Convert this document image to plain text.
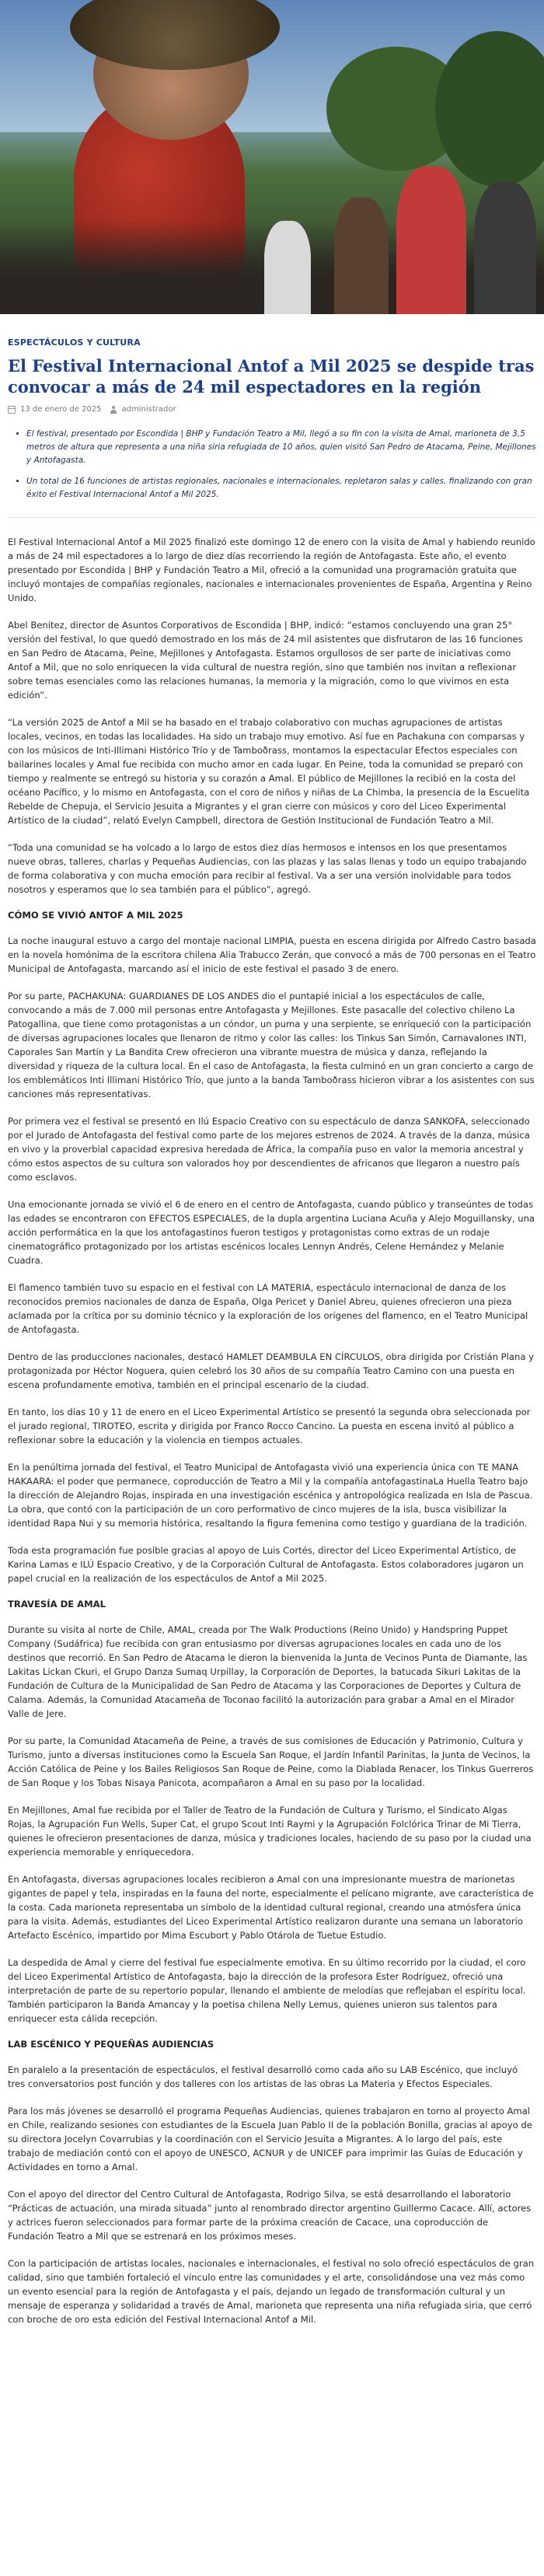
ESPECTÁCULOS Y CULTURA
El Festival Internacional Antof a Mil 2025 se despide tras convocar a más de 24 mil espectadores en la región
13 de enero de 2025	administrador
• El festival, presentado por Escondida | BHP y Fundación Teatro a Mil, llegó a su fin con la visita de Amal, marioneta de 3,5 metros de altura que representa a una niña siria refugiada de 10 años, quien visitó San Pedro de Atacama, Peine, Mejillones y Antofagasta.
• Un total de 16 funciones de artistas regionales, nacionales e internacionales, repletaron salas y calles, finalizando con gran éxito el Festival Internacional Antof a Mil 2025.

El Festival Internacional Antof a Mil 2025 finalizó este domingo 12 de enero con la visita de Amal y habiendo reunido a más de 24 mil espectadores a lo largo de diez días recorriendo la región de Antofagasta. Este año, el evento presentado por Escondida | BHP y Fundación Teatro a Mil, ofreció a la comunidad una programación gratuita que incluyó montajes de compañías regionales, nacionales e internacionales provenientes de España, Argentina y Reino Unido.

Abel Benítez, director de Asuntos Corporativos de Escondida | BHP, indicó: “estamos concluyendo una gran 25° versión del festival, lo que quedó demostrado en los más de 24 mil asistentes que disfrutaron de las 16 funciones en San Pedro de Atacama, Peine, Mejillones y Antofagasta. Estamos orgullosos de ser parte de iniciativas como Antof a Mil, que no solo enriquecen la vida cultural de nuestra región, sino que también nos invitan a reflexionar sobre temas esenciales como las relaciones humanas, la memoria y la migración, como lo que vivimos en esta edición”.

“La versión 2025 de Antof a Mil se ha basado en el trabajo colaborativo con muchas agrupaciones de artistas locales, vecinos, en todas las localidades. Ha sido un trabajo muy emotivo. Así fue en Pachakuna con comparsas y con los músicos de Inti-Illimani Histórico Trío y de Tamboðrass, montamos la espectacular Efectos especiales con bailarines locales y Amal fue recibida con mucho amor en cada lugar. En Peine, toda la comunidad se preparó con tiempo y realmente se entregó su historia y su corazón a Amal. El público de Mejillones la recibió en la costa del océano Pacífico, y lo mismo en Antofagasta, con el coro de niños y niñas de La Chimba, la presencia de la Escuelita Rebelde de Chepuja, el Servicio Jesuita a Migrantes y el gran cierre con músicos y coro del Liceo Experimental Artístico de la ciudad”, relató Evelyn Campbell, directora de Gestión Institucional de Fundación Teatro a Mil.

“Toda una comunidad se ha volcado a lo largo de estos diez días hermosos e intensos en los que presentamos nueve obras, talleres, charlas y Pequeñas Audiencias, con las plazas y las salas llenas y todo un equipo trabajando de forma colaborativa y con mucha emoción para recibir al festival. Va a ser una versión inolvidable para todos nosotros y esperamos que lo sea también para el público”, agregó.

CÓMO SE VIVIÓ ANTOF A MIL 2025

La noche inaugural estuvo a cargo del montaje nacional LIMPIA, puesta en escena dirigida por Alfredo Castro basada en la novela homónima de la escritora chilena Alia Trabucco Zerán, que convocó a más de 700 personas en el Teatro Municipal de Antofagasta, marcando así el inicio de este festival el pasado 3 de enero.

Por su parte, PACHAKUNA: GUARDIANES DE LOS ANDES dio el puntapié inicial a los espectáculos de calle, convocando a más de 7.000 mil personas entre Antofagasta y Mejillones. Este pasacalle del colectivo chileno La Patogallina, que tiene como protagonistas a un cóndor, un puma y una serpiente, se enriqueció con la participación de diversas agrupaciones locales que llenaron de ritmo y color las calles: los Tinkus San Simón, Carnavalones INTI, Caporales San Martín y La Bandita Crew ofrecieron una vibrante muestra de música y danza, reflejando la diversidad y riqueza de la cultura local. En el caso de Antofagasta, la fiesta culminó en un gran concierto a cargo de los emblemáticos Inti Illimani Histórico Trío, que junto a la banda Tamboðrass hicieron vibrar a los asistentes con sus canciones más representativas.

Por primera vez el festival se presentó en Ilú Espacio Creativo con su espectáculo de danza SANKOFA, seleccionado por el Jurado de Antofagasta del festival como parte de los mejores estrenos de 2024. A través de la danza, música en vivo y la proverbial capacidad expresiva heredada de África, la compañía puso en valor la memoria ancestral y cómo estos aspectos de su cultura son valorados hoy por descendientes de africanos que llegaron a nuestro país como esclavos.

Una emocionante jornada se vivió el 6 de enero en el centro de Antofagasta, cuando público y transeúntes de todas las edades se encontraron con EFECTOS ESPECIALES, de la dupla argentina Luciana Acuña y Alejo Moguillansky, una acción performática en la que los antofagastinos fueron testigos y protagonistas como extras de un rodaje cinematográfico protagonizado por los artistas escénicos locales Lennyn Andrés, Celene Hernández y Melanie Cuadra.

El flamenco también tuvo su espacio en el festival con LA MATERIA, espectáculo internacional de danza de los reconocidos premios nacionales de danza de España, Olga Pericet y Daniel Abreu, quienes ofrecieron una pieza aclamada por la crítica por su dominio técnico y la exploración de los orígenes del flamenco, en el Teatro Municipal de Antofagasta.

Dentro de las producciones nacionales, destacó HAMLET DEAMBULA EN CÍRCULOS, obra dirigida por Cristián Plana y protagonizada por Héctor Noguera, quien celebró los 30 años de su compañía Teatro Camino con una puesta en escena profundamente emotiva, también en el principal escenario de la ciudad.

En tanto, los días 10 y 11 de enero en el Liceo Experimental Artístico se presentó la segunda obra seleccionada por el jurado regional, TIROTEO, escrita y dirigida por Franco Rocco Cancino. La puesta en escena invitó al público a reflexionar sobre la educación y la violencia en tiempos actuales.

En la penúltima jornada del festival, el Teatro Municipal de Antofagasta vivió una experiencia única con TE MANA HAKAARA: el poder que permanece, coproducción de Teatro a Mil y la compañía antofagastinaLa Huella Teatro bajo la dirección de Alejandro Rojas, inspirada en una investigación escénica y antropológica realizada en Isla de Pascua. La obra, que contó con la participación de un coro performativo de cinco mujeres de la isla, busca visibilizar la identidad Rapa Nui y su memoria histórica, resaltando la figura femenina como testigo y guardiana de la tradición.

Toda esta programación fue posible gracias al apoyo de Luis Cortés, director del Liceo Experimental Artístico, de Karina Lamas e ILÚ Espacio Creativo, y de la Corporación Cultural de Antofagasta. Estos colaboradores jugaron un papel crucial en la realización de los espectáculos de Antof a Mil 2025.

TRAVESÍA DE AMAL

Durante su visita al norte de Chile, AMAL, creada por The Walk Productions (Reino Unido) y Handspring Puppet Company (Sudáfrica) fue recibida con gran entusiasmo por diversas agrupaciones locales en cada uno de los destinos que recorrió. En San Pedro de Atacama le dieron la bienvenida la Junta de Vecinos Punta de Diamante, las Lakitas Lickan Ckuri, el Grupo Danza Sumaq Urpillay, la Corporación de Deportes, la batucada Sikuri Lakitas de la Fundación de Cultura de la Municipalidad de San Pedro de Atacama y las Corporaciones de Deportes y Cultura de Calama. Además, la Comunidad Atacameña de Toconao facilitó la autorización para grabar a Amal en el Mirador Valle de Jere.

Por su parte, la Comunidad Atacameña de Peine, a través de sus comisiones de Educación y Patrimonio, Cultura y Turismo, junto a diversas instituciones como la Escuela San Roque, el Jardín Infantil Parinitas, la Junta de Vecinos, la Acción Católica de Peine y los Bailes Religiosos San Roque de Peine, como la Diablada Renacer, los Tinkus Guerreros de San Roque y los Tobas Nisaya Panicota, acompañaron a Amal en su paso por la localidad.

En Mejillones, Amal fue recibida por el Taller de Teatro de la Fundación de Cultura y Turismo, el Sindicato Algas Rojas, la Agrupación Fun Wells, Super Cat, el grupo Scout Inti Raymi y la Agrupación Folclórica Trinar de Mi Tierra, quienes le ofrecieron presentaciones de danza, música y tradiciones locales, haciendo de su paso por la ciudad una experiencia memorable y enriquecedora.

En Antofagasta, diversas agrupaciones locales recibieron a Amal con una impresionante muestra de marionetas gigantes de papel y tela, inspiradas en la fauna del norte, especialmente el pelícano migrante, ave característica de la costa. Cada marioneta representaba un símbolo de la identidad cultural regional, creando una atmósfera única para la visita. Además, estudiantes del Liceo Experimental Artístico realizaron durante una semana un laboratorio Artefacto Escénico, impartido por Mima Escubort y Pablo Otárola de Tuetue Estudio.

La despedida de Amal y cierre del festival fue especialmente emotiva. En su último recorrido por la ciudad, el coro del Liceo Experimental Artístico de Antofagasta, bajo la dirección de la profesora Ester Rodríguez, ofreció una interpretación de parte de su repertorio popular, llenando el ambiente de melodías que reflejaban el espíritu local. También participaron la Banda Amancay y la poetisa chilena Nelly Lemus, quienes unieron sus talentos para enriquecer esta cálida recepción.

LAB ESCÉNICO Y PEQUEÑAS AUDIENCIAS

En paralelo a la presentación de espectáculos, el festival desarrolló como cada año su LAB Escénico, que incluyó tres conversatorios post función y dos talleres con los artistas de las obras La Materia y Efectos Especiales.

Para los más jóvenes se desarrolló el programa Pequeñas Audiencias, quienes trabajaron en torno al proyecto Amal en Chile, realizando sesiones con estudiantes de la Escuela Juan Pablo II de la población Bonilla, gracias al apoyo de su directora Jocelyn Covarrubias y la coordinación con el Servicio Jesuita a Migrantes. A lo largo del país, este trabajo de mediación contó con el apoyo de UNESCO, ACNUR y de UNICEF para imprimir las Guías de Educación y Actividades en torno a Amal.

Con el apoyo del director del Centro Cultural de Antofagasta, Rodrigo Silva, se está desarrollando el laboratorio “Prácticas de actuación, una mirada situada” junto al renombrado director argentino Guillermo Cacace. Allí, actores y actrices fueron seleccionados para formar parte de la próxima creación de Cacace, una coproducción de Fundación Teatro a Mil que se estrenará en los próximos meses.

Con la participación de artistas locales, nacionales e internacionales, el festival no solo ofreció espectáculos de gran calidad, sino que también fortaleció el vínculo entre las comunidades y el arte, consolidándose una vez más como un evento esencial para la región de Antofagasta y el país, dejando un legado de transformación cultural y un mensaje de esperanza y solidaridad a través de Amal, marioneta que representa una niña refugiada siria, que cerró con broche de oro esta edición del Festival Internacional Antof a Mil.
